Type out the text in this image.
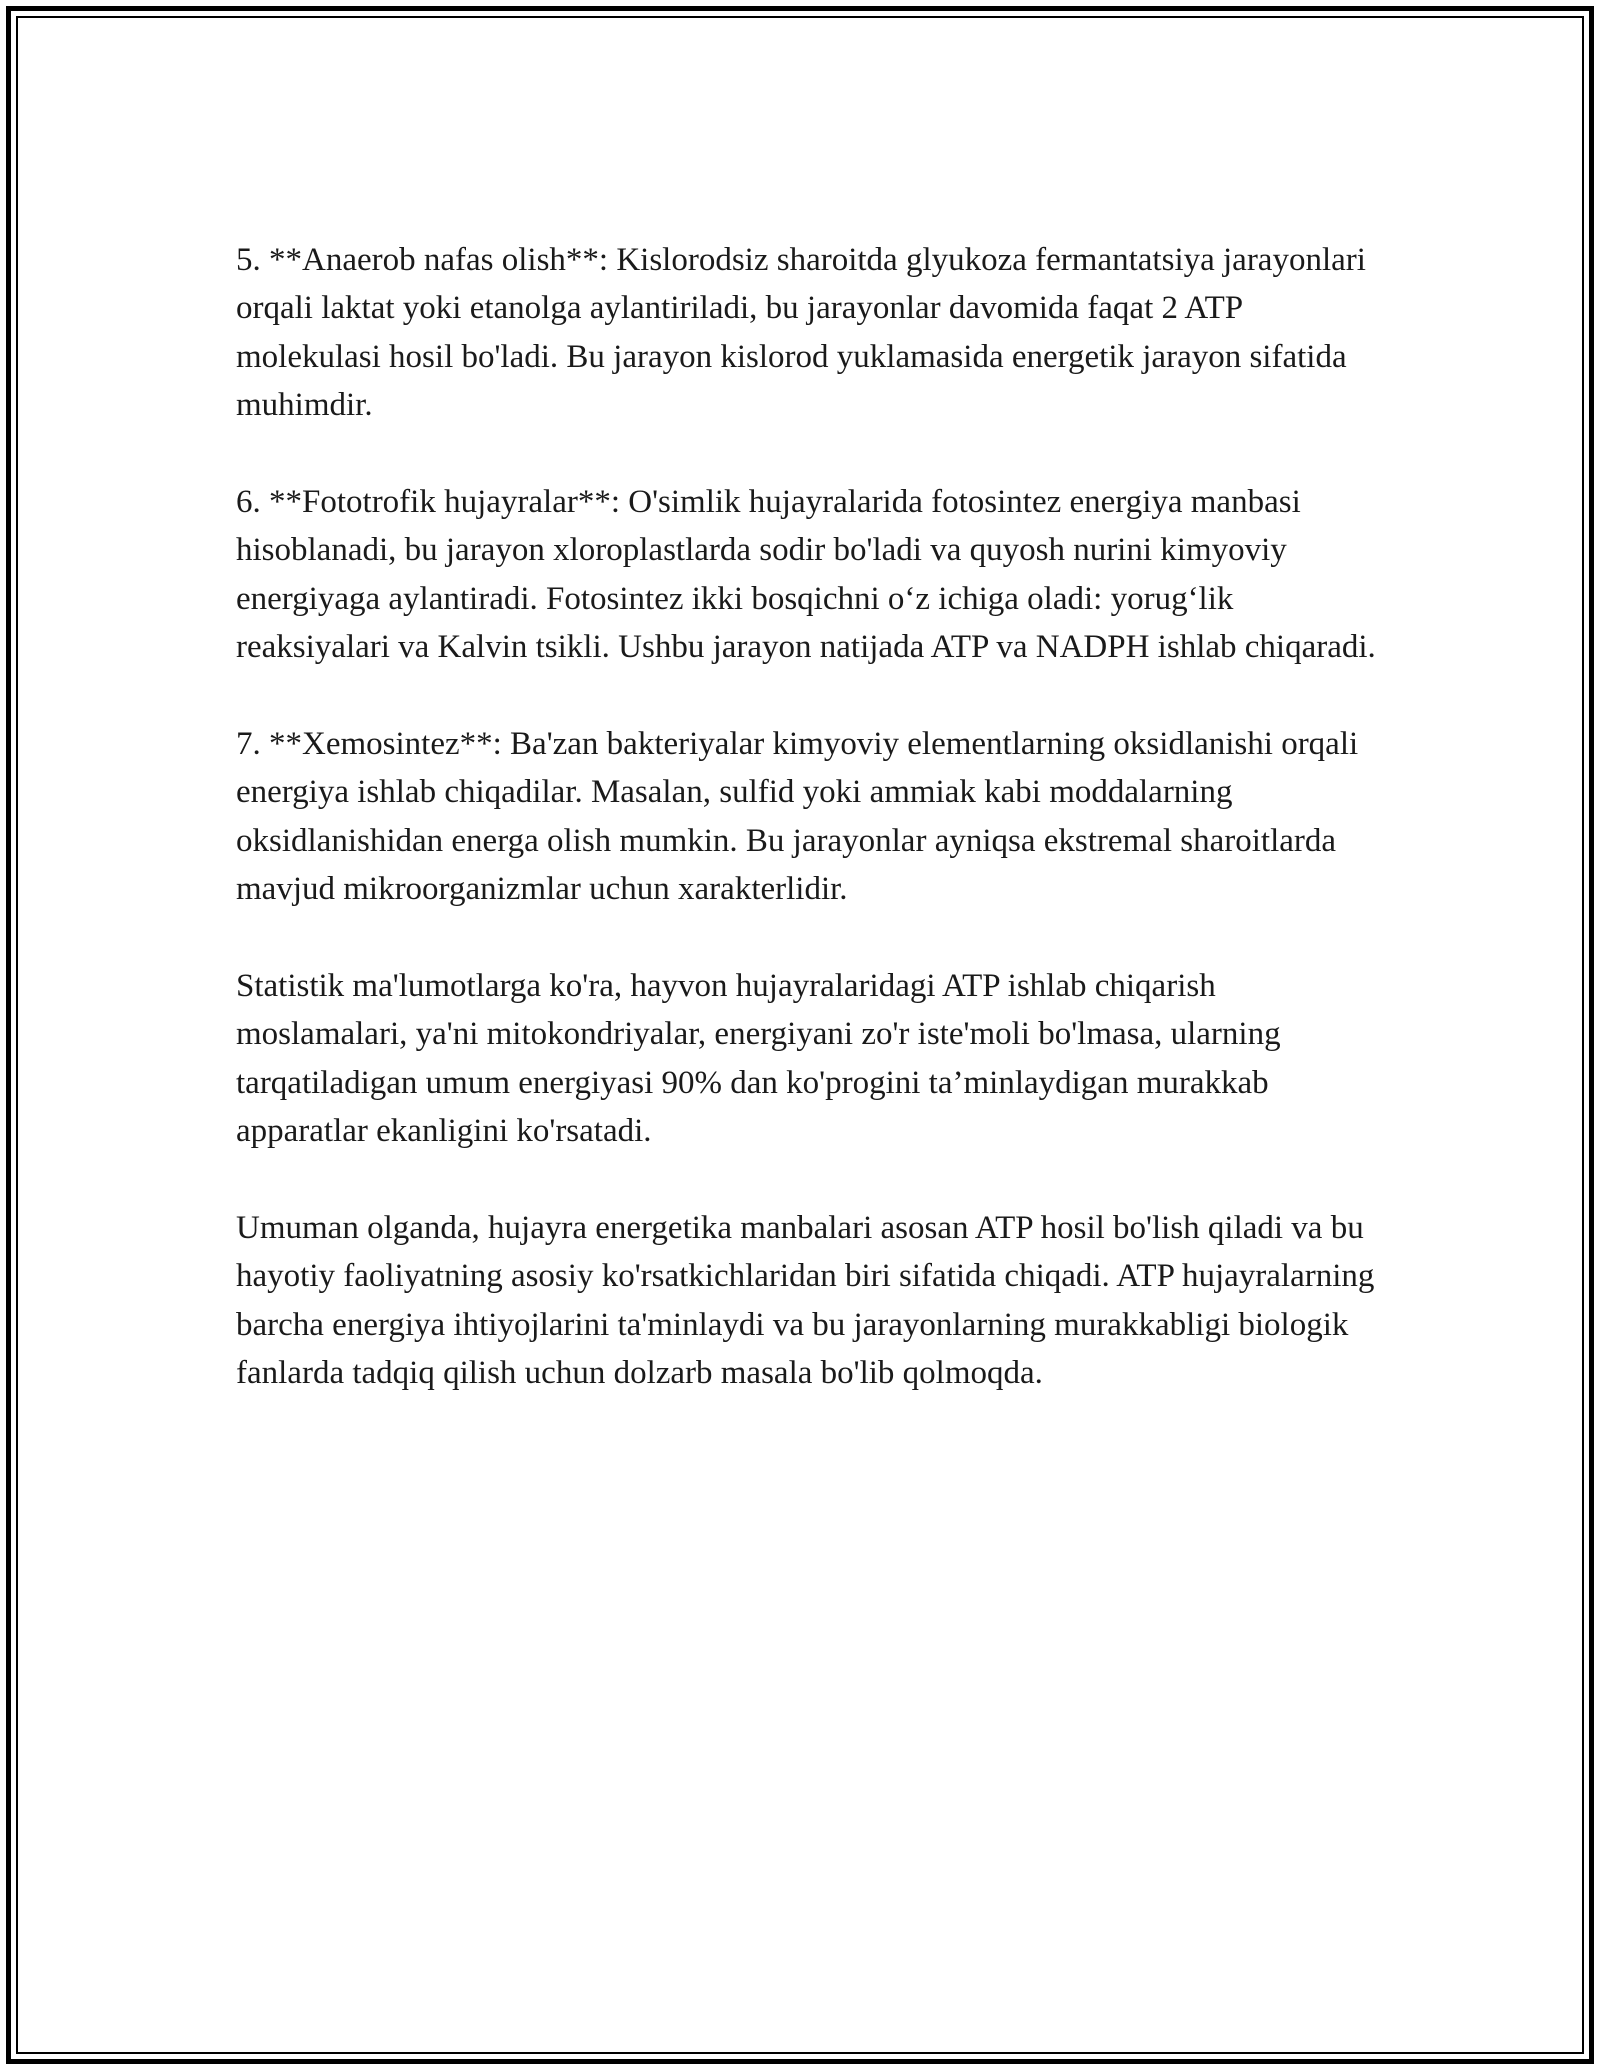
5. **Anaerob nafas olish**: Kislorodsiz sharoitda glyukoza fermantatsiya jarayonlari orqali laktat yoki etanolga aylantiriladi, bu jarayonlar davomida faqat 2 ATP molekulasi hosil bo'ladi. Bu jarayon kislorod yuklamasida energetik jarayon sifatida muhimdir.

6. **Fototrofik hujayralar**: O'simlik hujayralarida fotosintez energiya manbasi hisoblanadi, bu jarayon xloroplastlarda sodir bo'ladi va quyosh nurini kimyoviy energiyaga aylantiradi. Fotosintez ikki bosqichni o‘z ichiga oladi: yorug‘lik reaksiyalari va Kalvin tsikli. Ushbu jarayon natijada ATP va NADPH ishlab chiqaradi.

7. **Xemosintez**: Ba'zan bakteriyalar kimyoviy elementlarning oksidlanishi orqali energiya ishlab chiqadilar. Masalan, sulfid yoki ammiak kabi moddalarning oksidlanishidan energa olish mumkin. Bu jarayonlar ayniqsa ekstremal sharoitlarda mavjud mikroorganizmlar uchun xarakterlidir.

Statistik ma'lumotlarga ko'ra, hayvon hujayralaridagi ATP ishlab chiqarish moslamalari, ya'ni mitokondriyalar, energiyani zo'r iste'moli bo'lmasa, ularning tarqatiladigan umum energiyasi 90% dan ko'progini ta’minlaydigan murakkab apparatlar ekanligini ko'rsatadi.

Umuman olganda, hujayra energetika manbalari asosan ATP hosil bo'lish qiladi va bu hayotiy faoliyatning asosiy ko'rsatkichlaridan biri sifatida chiqadi. ATP hujayralarning barcha energiya ihtiyojlarini ta'minlaydi va bu jarayonlarning murakkabligi biologik fanlarda tadqiq qilish uchun dolzarb masala bo'lib qolmoqda.
